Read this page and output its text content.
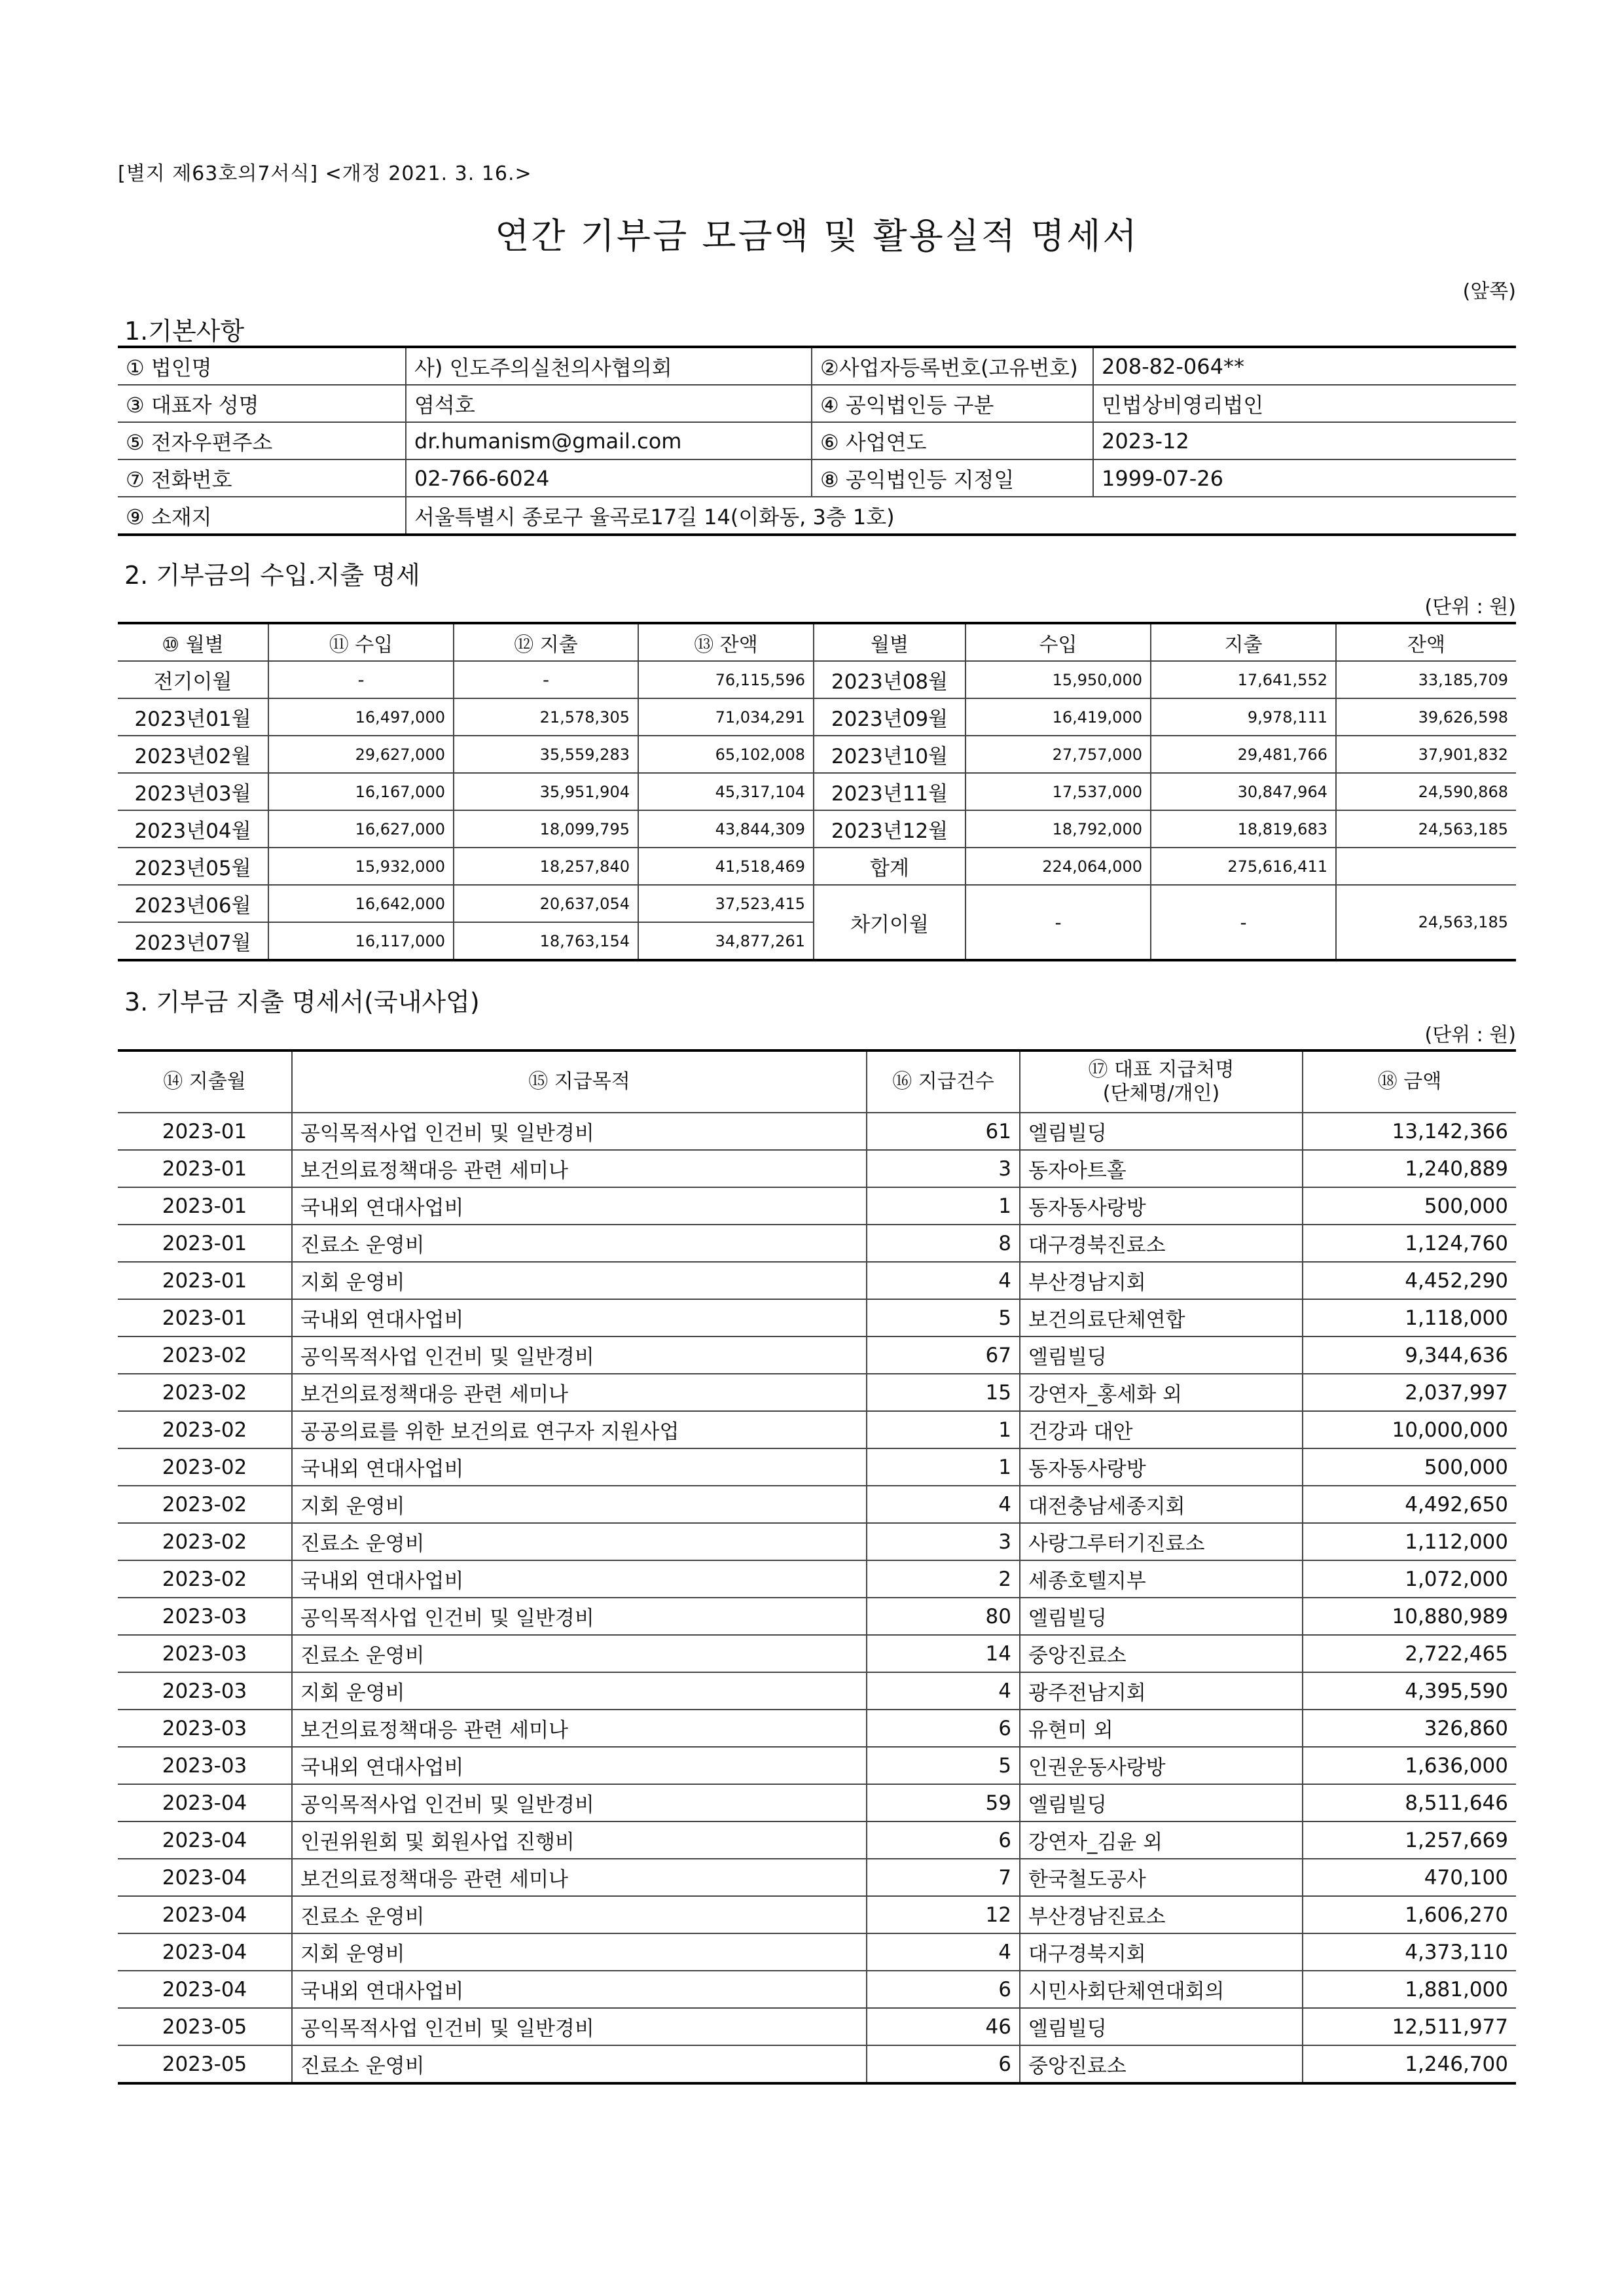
[별지 제63호의7서식] <개정 2021. 3. 16.>
연간 기부금 모금액 및 활용실적 명세서
(앞쪽)
1.기본사항
① 법인명	사) 인도주의실천의사협의회	②사업자등록번호(고유번호)	208-82-064**
③ 대표자 성명	염석호	④ 공익법인등 구분	민법상비영리법인
⑤ 전자우편주소	dr.humanism@gmail.com	⑥ 사업연도	2023-12
⑦ 전화번호	02-766-6024	⑧ 공익법인등 지정일	1999-07-26
⑨ 소재지	서울특별시 종로구 율곡로17길 14(이화동, 3층 1호)		
2. 기부금의 수입.지출 명세
(단위 : 원)
⑩ 월별	⑪ 수입	⑫ 지출	⑬ 잔액	월별	수입	지출	잔액
전기이월	-	-	76,115,596	2023년08월	15,950,000	17,641,552	33,185,709
2023년01월	16,497,000	21,578,305	71,034,291	2023년09월	16,419,000	9,978,111	39,626,598
2023년02월	29,627,000	35,559,283	65,102,008	2023년10월	27,757,000	29,481,766	37,901,832
2023년03월	16,167,000	35,951,904	45,317,104	2023년11월	17,537,000	30,847,964	24,590,868
2023년04월	16,627,000	18,099,795	43,844,309	2023년12월	18,792,000	18,819,683	24,563,185
2023년05월	15,932,000	18,257,840	41,518,469	합계	224,064,000	275,616,411	
2023년06월	16,642,000	20,637,054	37,523,415	차기이월	-	-	24,563,185
2023년07월	16,117,000	18,763,154	34,877,261				
3. 기부금 지출 명세서(국내사업)
(단위 : 원)
⑭ 지출월	⑮ 지급목적	⑯ 지급건수	⑰ 대표 지급처명
(단체명/개인)	⑱ 금액
2023-01	공익목적사업 인건비 및 일반경비	61	엘림빌딩	13,142,366
2023-01	보건의료정책대응 관련 세미나	3	동자아트홀	1,240,889
2023-01	국내외 연대사업비	1	동자동사랑방	500,000
2023-01	진료소 운영비	8	대구경북진료소	1,124,760
2023-01	지회 운영비	4	부산경남지회	4,452,290
2023-01	국내외 연대사업비	5	보건의료단체연합	1,118,000
2023-02	공익목적사업 인건비 및 일반경비	67	엘림빌딩	9,344,636
2023-02	보건의료정책대응 관련 세미나	15	강연자_홍세화 외	2,037,997
2023-02	공공의료를 위한 보건의료 연구자 지원사업	1	건강과 대안	10,000,000
2023-02	국내외 연대사업비	1	동자동사랑방	500,000
2023-02	지회 운영비	4	대전충남세종지회	4,492,650
2023-02	진료소 운영비	3	사랑그루터기진료소	1,112,000
2023-02	국내외 연대사업비	2	세종호텔지부	1,072,000
2023-03	공익목적사업 인건비 및 일반경비	80	엘림빌딩	10,880,989
2023-03	진료소 운영비	14	중앙진료소	2,722,465
2023-03	지회 운영비	4	광주전남지회	4,395,590
2023-03	보건의료정책대응 관련 세미나	6	유현미 외	326,860
2023-03	국내외 연대사업비	5	인권운동사랑방	1,636,000
2023-04	공익목적사업 인건비 및 일반경비	59	엘림빌딩	8,511,646
2023-04	인권위원회 및 회원사업 진행비	6	강연자_김윤 외	1,257,669
2023-04	보건의료정책대응 관련 세미나	7	한국철도공사	470,100
2023-04	진료소 운영비	12	부산경남진료소	1,606,270
2023-04	지회 운영비	4	대구경북지회	4,373,110
2023-04	국내외 연대사업비	6	시민사회단체연대회의	1,881,000
2023-05	공익목적사업 인건비 및 일반경비	46	엘림빌딩	12,511,977
2023-05	진료소 운영비	6	중앙진료소	1,246,700
